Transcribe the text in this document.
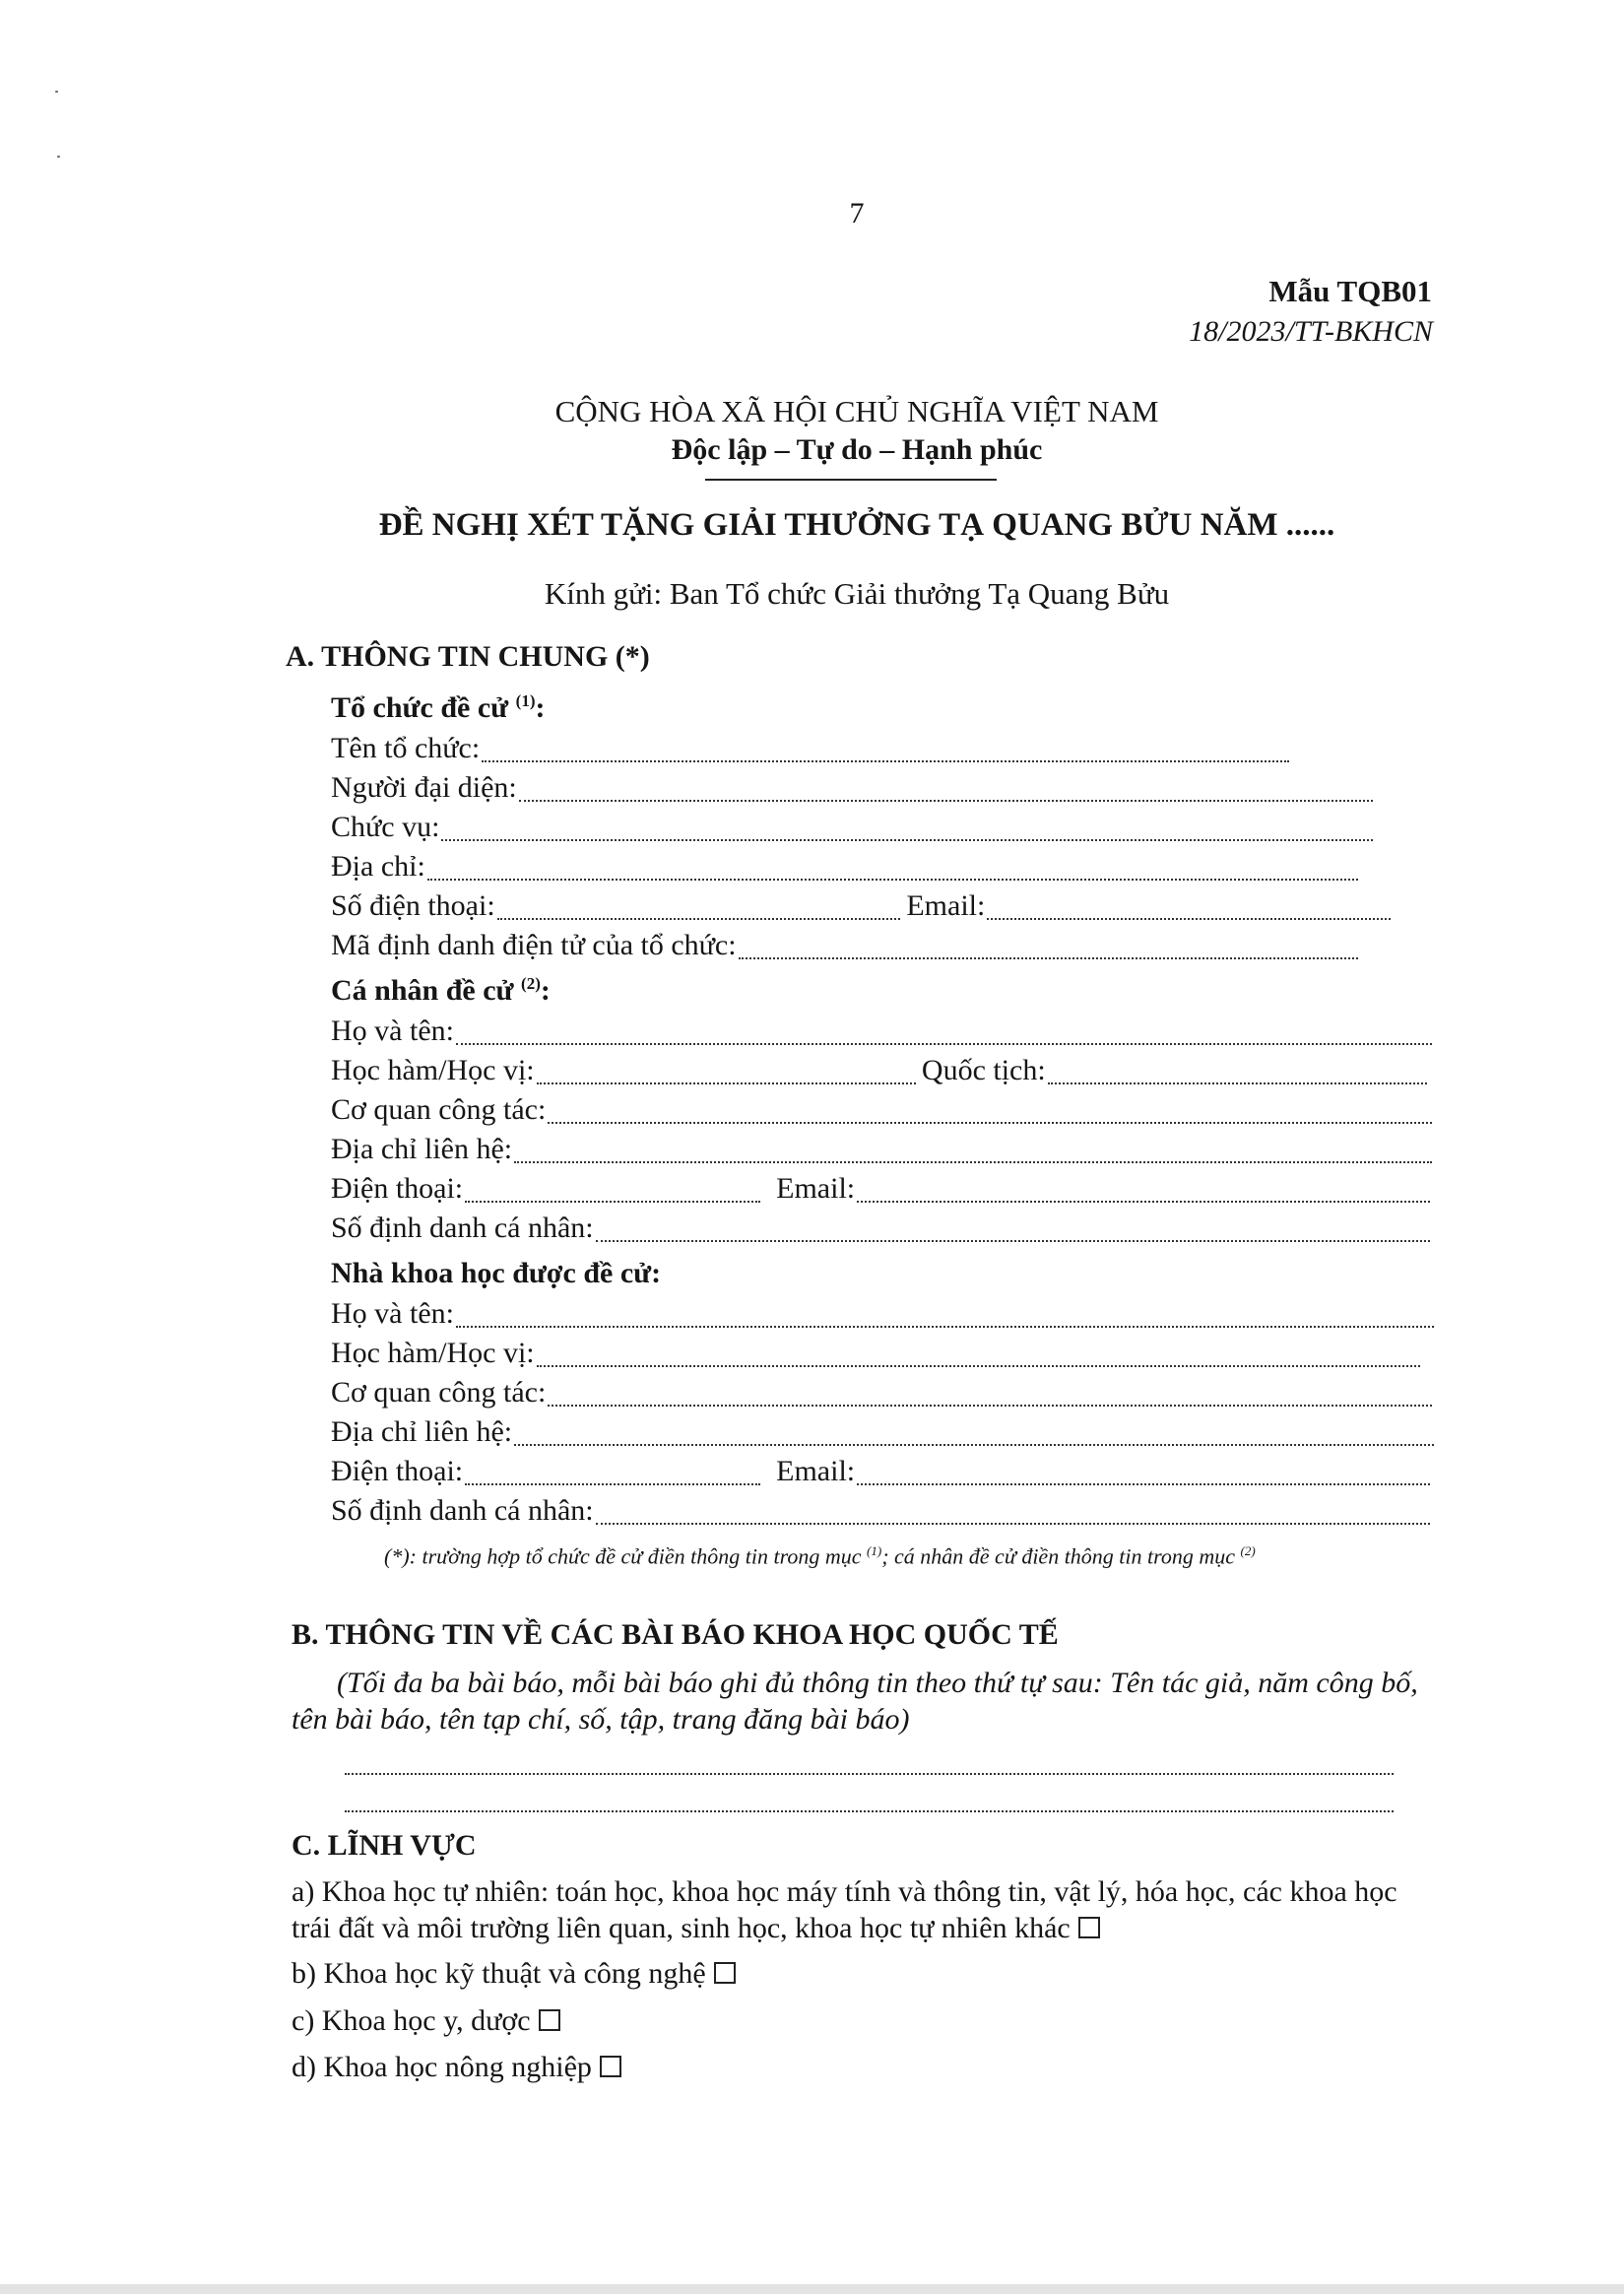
7
Mẫu TQB01
18/2023/TT-BKHCN
CỘNG HÒA XÃ HỘI CHỦ NGHĨA VIỆT NAM
Độc lập – Tự do – Hạnh phúc
ĐỀ NGHỊ XÉT TẶNG GIẢI THƯỞNG TẠ QUANG BỬU NĂM ......
Kính gửi: Ban Tổ chức Giải thưởng Tạ Quang Bửu
A. THÔNG TIN CHUNG (*)
Tổ chức đề cử $^{(1)}$:
Tên tổ chức:
Người đại diện:
Chức vụ:
Địa chỉ:
Số điện thoại:	Email:
Mã định danh điện tử của tổ chức:
Cá nhân đề cử $^{(2)}$:
Họ và tên:
Học hàm/Học vị:	Quốc tịch:
Cơ quan công tác:
Địa chỉ liên hệ:
Điện thoại:	Email:
Số định danh cá nhân:
Nhà khoa học được đề cử:
Họ và tên:
Học hàm/Học vị:
Cơ quan công tác:
Địa chỉ liên hệ:
Điện thoại:	Email:
Số định danh cá nhân:
(*): trường hợp tổ chức đề cử điền thông tin trong mục $^{(1)}$; cá nhân đề cử điền thông tin trong mục $^{(2)}$
B. THÔNG TIN VỀ CÁC BÀI BÁO KHOA HỌC QUỐC TẾ
(Tối đa ba bài báo, mỗi bài báo ghi đủ thông tin theo thứ tự sau: Tên tác giả, năm công bố, tên bài báo, tên tạp chí, số, tập, trang đăng bài báo)
C. LĨNH VỰC
a) Khoa học tự nhiên: toán học, khoa học máy tính và thông tin, vật lý, hóa học, các khoa học trái đất và môi trường liên quan, sinh học, khoa học tự nhiên khác
b) Khoa học kỹ thuật và công nghệ
c) Khoa học y, dược
d) Khoa học nông nghiệp
